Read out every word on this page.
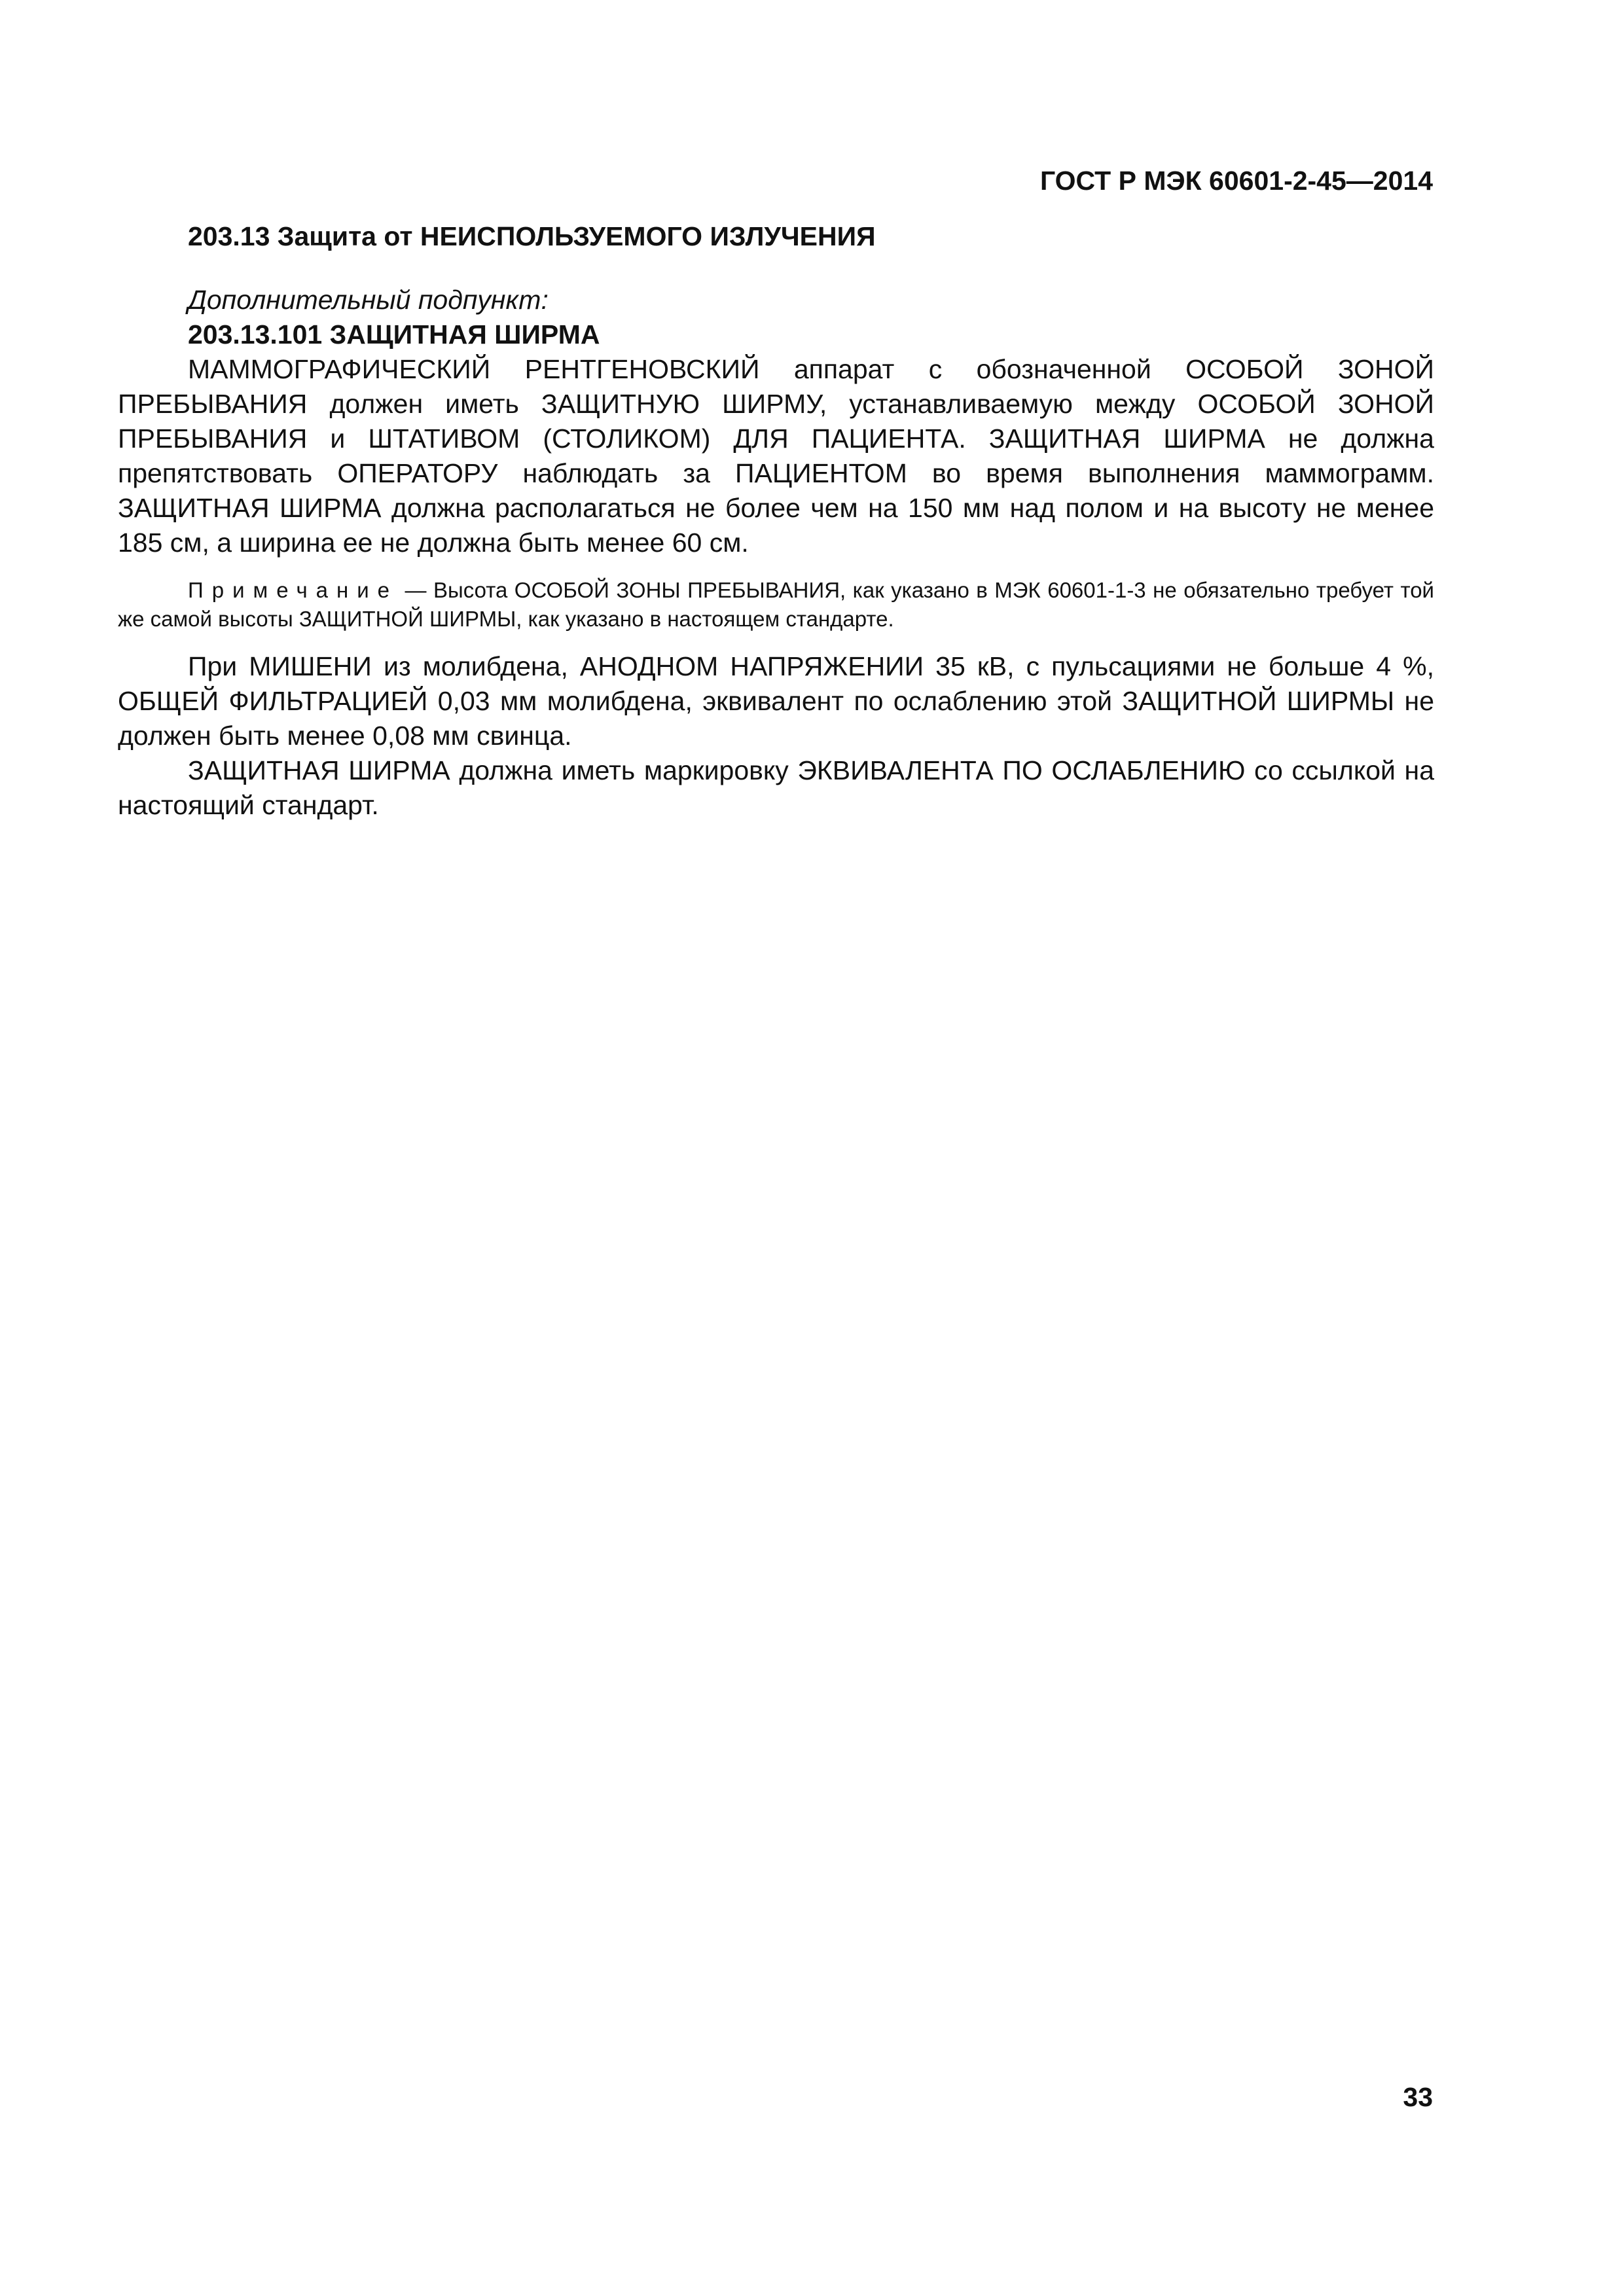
ГОСТ Р МЭК 60601-2-45—2014

203.13 Защита от НЕИСПОЛЬЗУЕМОГО ИЗЛУЧЕНИЯ

Дополнительный подпункт:

203.13.101 ЗАЩИТНАЯ ШИРМА

МАММОГРАФИЧЕСКИЙ РЕНТГЕНОВСКИЙ аппарат с обозначенной ОСОБОЙ ЗОНОЙ ПРЕБЫВАНИЯ должен иметь ЗАЩИТНУЮ ШИРМУ, устанавливаемую между ОСОБОЙ ЗОНОЙ ПРЕБЫВАНИЯ и ШТАТИВОМ (СТОЛИКОМ) ДЛЯ ПАЦИЕНТА. ЗАЩИТНАЯ ШИРМА не должна препятствовать ОПЕРАТОРУ наблюдать за ПАЦИЕНТОМ во время выполнения маммограмм. ЗАЩИТНАЯ ШИРМА должна располагаться не более чем на 150 мм над полом и на высоту не менее 185 см, а ширина ее не должна быть менее 60 см.

Примечание — Высота ОСОБОЙ ЗОНЫ ПРЕБЫВАНИЯ, как указано в МЭК 60601-1-3 не обязательно требует той же самой высоты ЗАЩИТНОЙ ШИРМЫ, как указано в настоящем стандарте.

При МИШЕНИ из молибдена, АНОДНОМ НАПРЯЖЕНИИ 35 кВ, с пульсациями не больше 4 %, ОБЩЕЙ ФИЛЬТРАЦИЕЙ 0,03 мм молибдена, эквивалент по ослаблению этой ЗАЩИТНОЙ ШИРМЫ не должен быть менее 0,08 мм свинца.

ЗАЩИТНАЯ ШИРМА должна иметь маркировку ЭКВИВАЛЕНТА ПО ОСЛАБЛЕНИЮ со ссылкой на настоящий стандарт.

33
